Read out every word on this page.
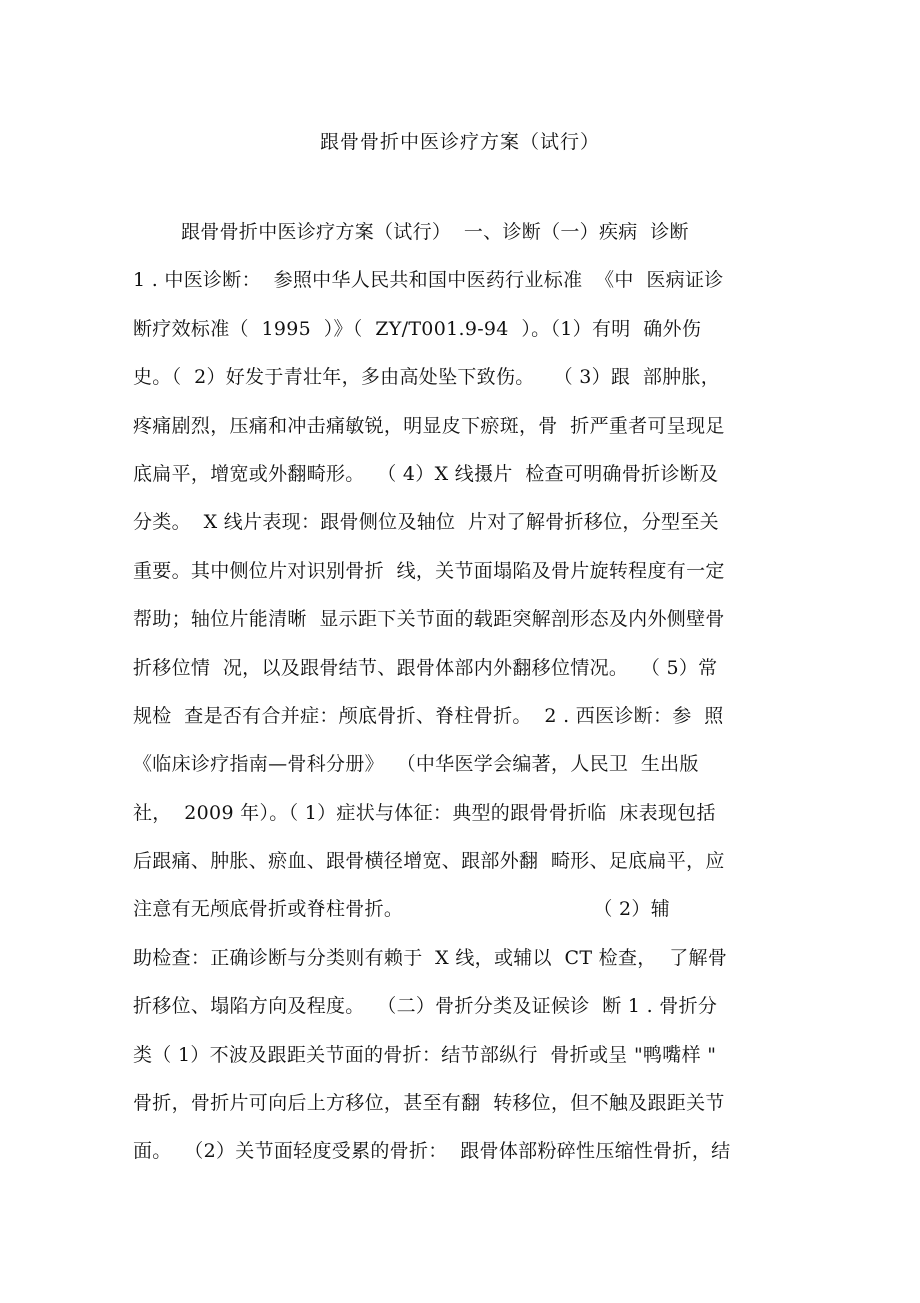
跟骨骨折中医诊疗方案（试行）
跟骨骨折中医诊疗方案（试行）  一、诊断（一）疾病  诊断
1 . 中医诊断：  参照中华人民共和国中医药行业标准  《中  医病证诊
断疗效标准（  1995  ）》（  ZY/T001.9-94  ）。（1）有明  确外伤
史。（  2）好发于青壮年，多由高处坠下致伤。   （ 3）跟  部肿胀，
疼痛剧烈，压痛和冲击痛敏锐，明显皮下瘀斑，骨  折严重者可呈现足
底扁平，增宽或外翻畸形。  （ 4）X 线摄片  检查可明确骨折诊断及
分类。  X 线片表现：跟骨侧位及轴位  片对了解骨折移位，分型至关
重要。其中侧位片对识别骨折  线，关节面塌陷及骨片旋转程度有一定
帮助；轴位片能清晰  显示距下关节面的载距突解剖形态及内外侧壁骨
折移位情  况，以及跟骨结节、跟骨体部内外翻移位情况。  （ 5）常
规检  查是否有合并症：颅底骨折、脊柱骨折。  2 . 西医诊断：参  照
《临床诊疗指南—骨科分册》  （中华医学会编著，人民卫  生出版
社，  2009 年）。（ 1）症状与体征：典型的跟骨骨折临  床表现包括
后跟痛、肿胀、瘀血、跟骨横径增宽、跟部外翻  畸形、足底扁平，应
注意有无颅底骨折或脊柱骨折。                              （ 2）辅
助检查：正确诊断与分类则有赖于  X 线，或辅以  CT 检查，  了解骨
折移位、塌陷方向及程度。  （二）骨折分类及证候诊  断 1 . 骨折分
类（ 1）不波及跟距关节面的骨折：结节部纵行  骨折或呈 "鸭嘴样 "
骨折，骨折片可向后上方移位，甚至有翻  转移位，但不触及跟距关节
面。  （2）关节面轻度受累的骨折：  跟骨体部粉碎性压缩性骨折，结
